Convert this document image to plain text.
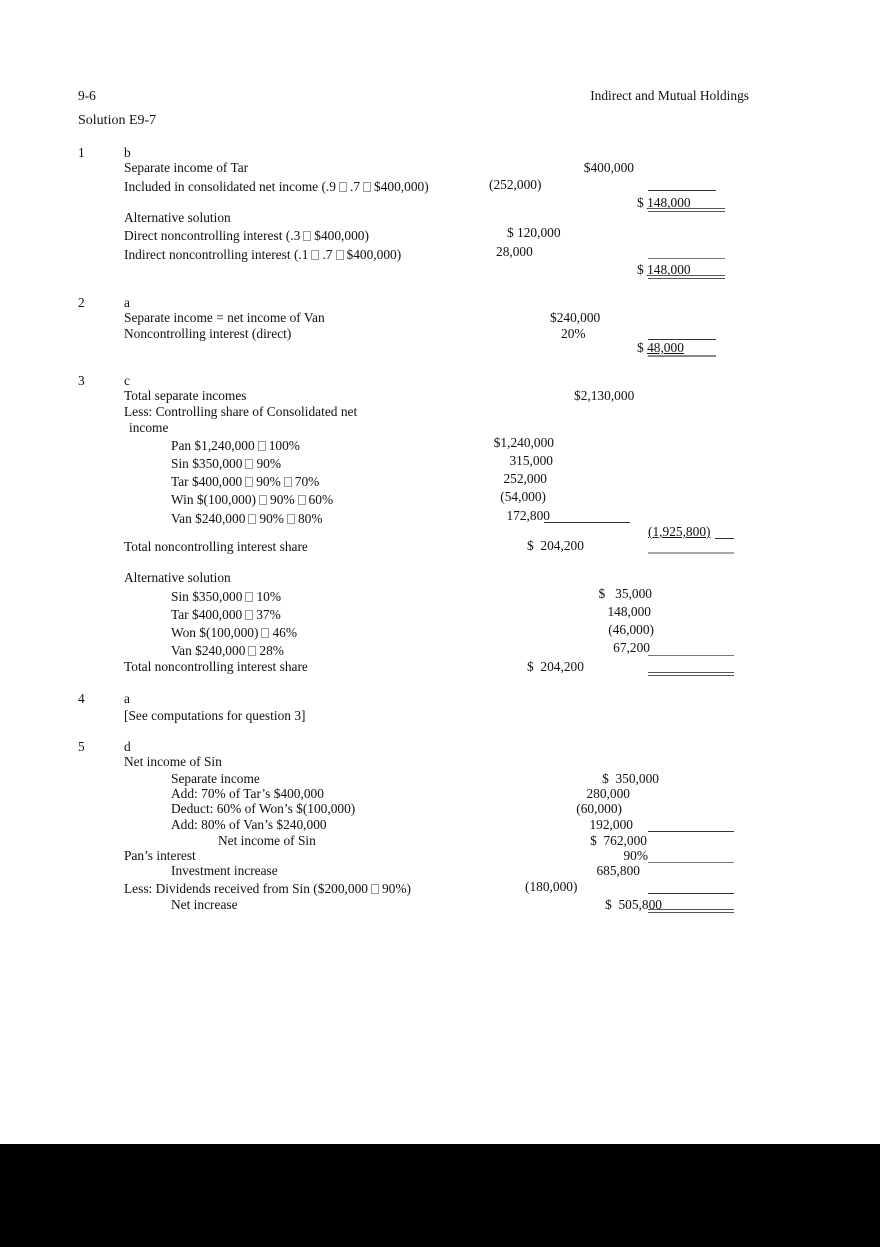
9-6	Indirect and Mutual Holdings
Solution E9-7
1	b
Separate income of Tar	$400,000
Included in consolidated net income (.9 .7 $400,000)	(252,000)
$ 148,000
Alternative solution
Direct noncontrolling interest (.3 $400,000)	$ 120,000
Indirect noncontrolling interest (.1 .7 $400,000)	28,000
$ 148,000
2	a
Separate income = net income of Van	$240,000
Noncontrolling interest (direct)	20%
$ 48,000
3	c
Total separate incomes	$2,130,000
Less: Controlling share of Consolidated net
income
Pan $1,240,000 100%	$1,240,000
Sin $350,000 90%	315,000
Tar $400,000 90% 70%	252,000
Win $(100,000) 90% 60%	(54,000)
Van $240,000 90% 80%	172,800
(1,925,800)
Total noncontrolling interest share	$  204,200
Alternative solution
Sin $350,000 10%	$   35,000
Tar $400,000 37%	148,000
Won $(100,000) 46%	(46,000)
Van $240,000 28%	67,200
Total noncontrolling interest share	$  204,200
4	a
[See computations for question 3]
5	d
Net income of Sin
Separate income	$  350,000
Add: 70% of Tar’s $400,000	280,000
Deduct: 60% of Won’s $(100,000)	(60,000)
Add: 80% of Van’s $240,000	192,000
Net income of Sin	$  762,000
Pan’s interest	90%
Investment increase	685,800
Less: Dividends received from Sin ($200,000 90%)	(180,000)
Net increase	$  505,800
